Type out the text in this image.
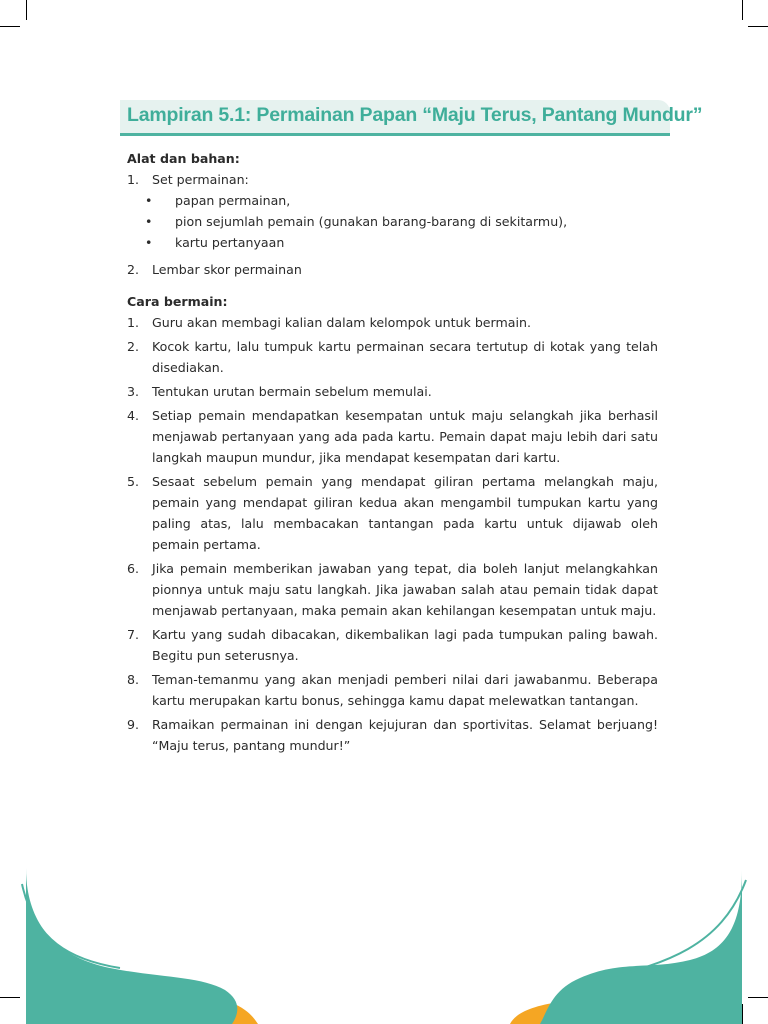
Lampiran 5.1: Permainan Papan “Maju Terus, Pantang Mundur”
Alat dan bahan:
1.	Set permainan:
•	papan permainan,
•	pion sejumlah pemain (gunakan barang-barang di sekitarmu),
•	kartu pertanyaan
2.	Lembar skor permainan
Cara bermain:
1.	Guru akan membagi kalian dalam kelompok untuk bermain.
2.	Kocok kartu, lalu tumpuk kartu permainan secara tertutup di kotak yang telah disediakan.
3.	Tentukan urutan bermain sebelum memulai.
4.	Setiap pemain mendapatkan kesempatan untuk maju selangkah jika berhasil menjawab pertanyaan yang ada pada kartu. Pemain dapat maju lebih dari satu langkah maupun mundur, jika mendapat kesempatan dari kartu.
5.	Sesaat sebelum pemain yang mendapat giliran pertama melangkah maju, pemain yang mendapat giliran kedua akan mengambil tumpukan kartu yang paling atas, lalu membacakan tantangan pada kartu untuk dijawab oleh pemain pertama.
6.	Jika pemain memberikan jawaban yang tepat, dia boleh lanjut melangkahkan pionnya untuk maju satu langkah. Jika jawaban salah atau pemain tidak dapat menjawab pertanyaan, maka pemain akan kehilangan kesempatan untuk maju.
7.	Kartu yang sudah dibacakan, dikembalikan lagi pada tumpukan paling bawah. Begitu pun seterusnya.
8.	Teman-temanmu yang akan menjadi pemberi nilai dari jawabanmu. Beberapa kartu merupakan kartu bonus, sehingga kamu dapat melewatkan tantangan.
9.	Ramaikan permainan ini dengan kejujuran dan sportivitas. Selamat berjuang! “Maju terus, pantang mundur!”
